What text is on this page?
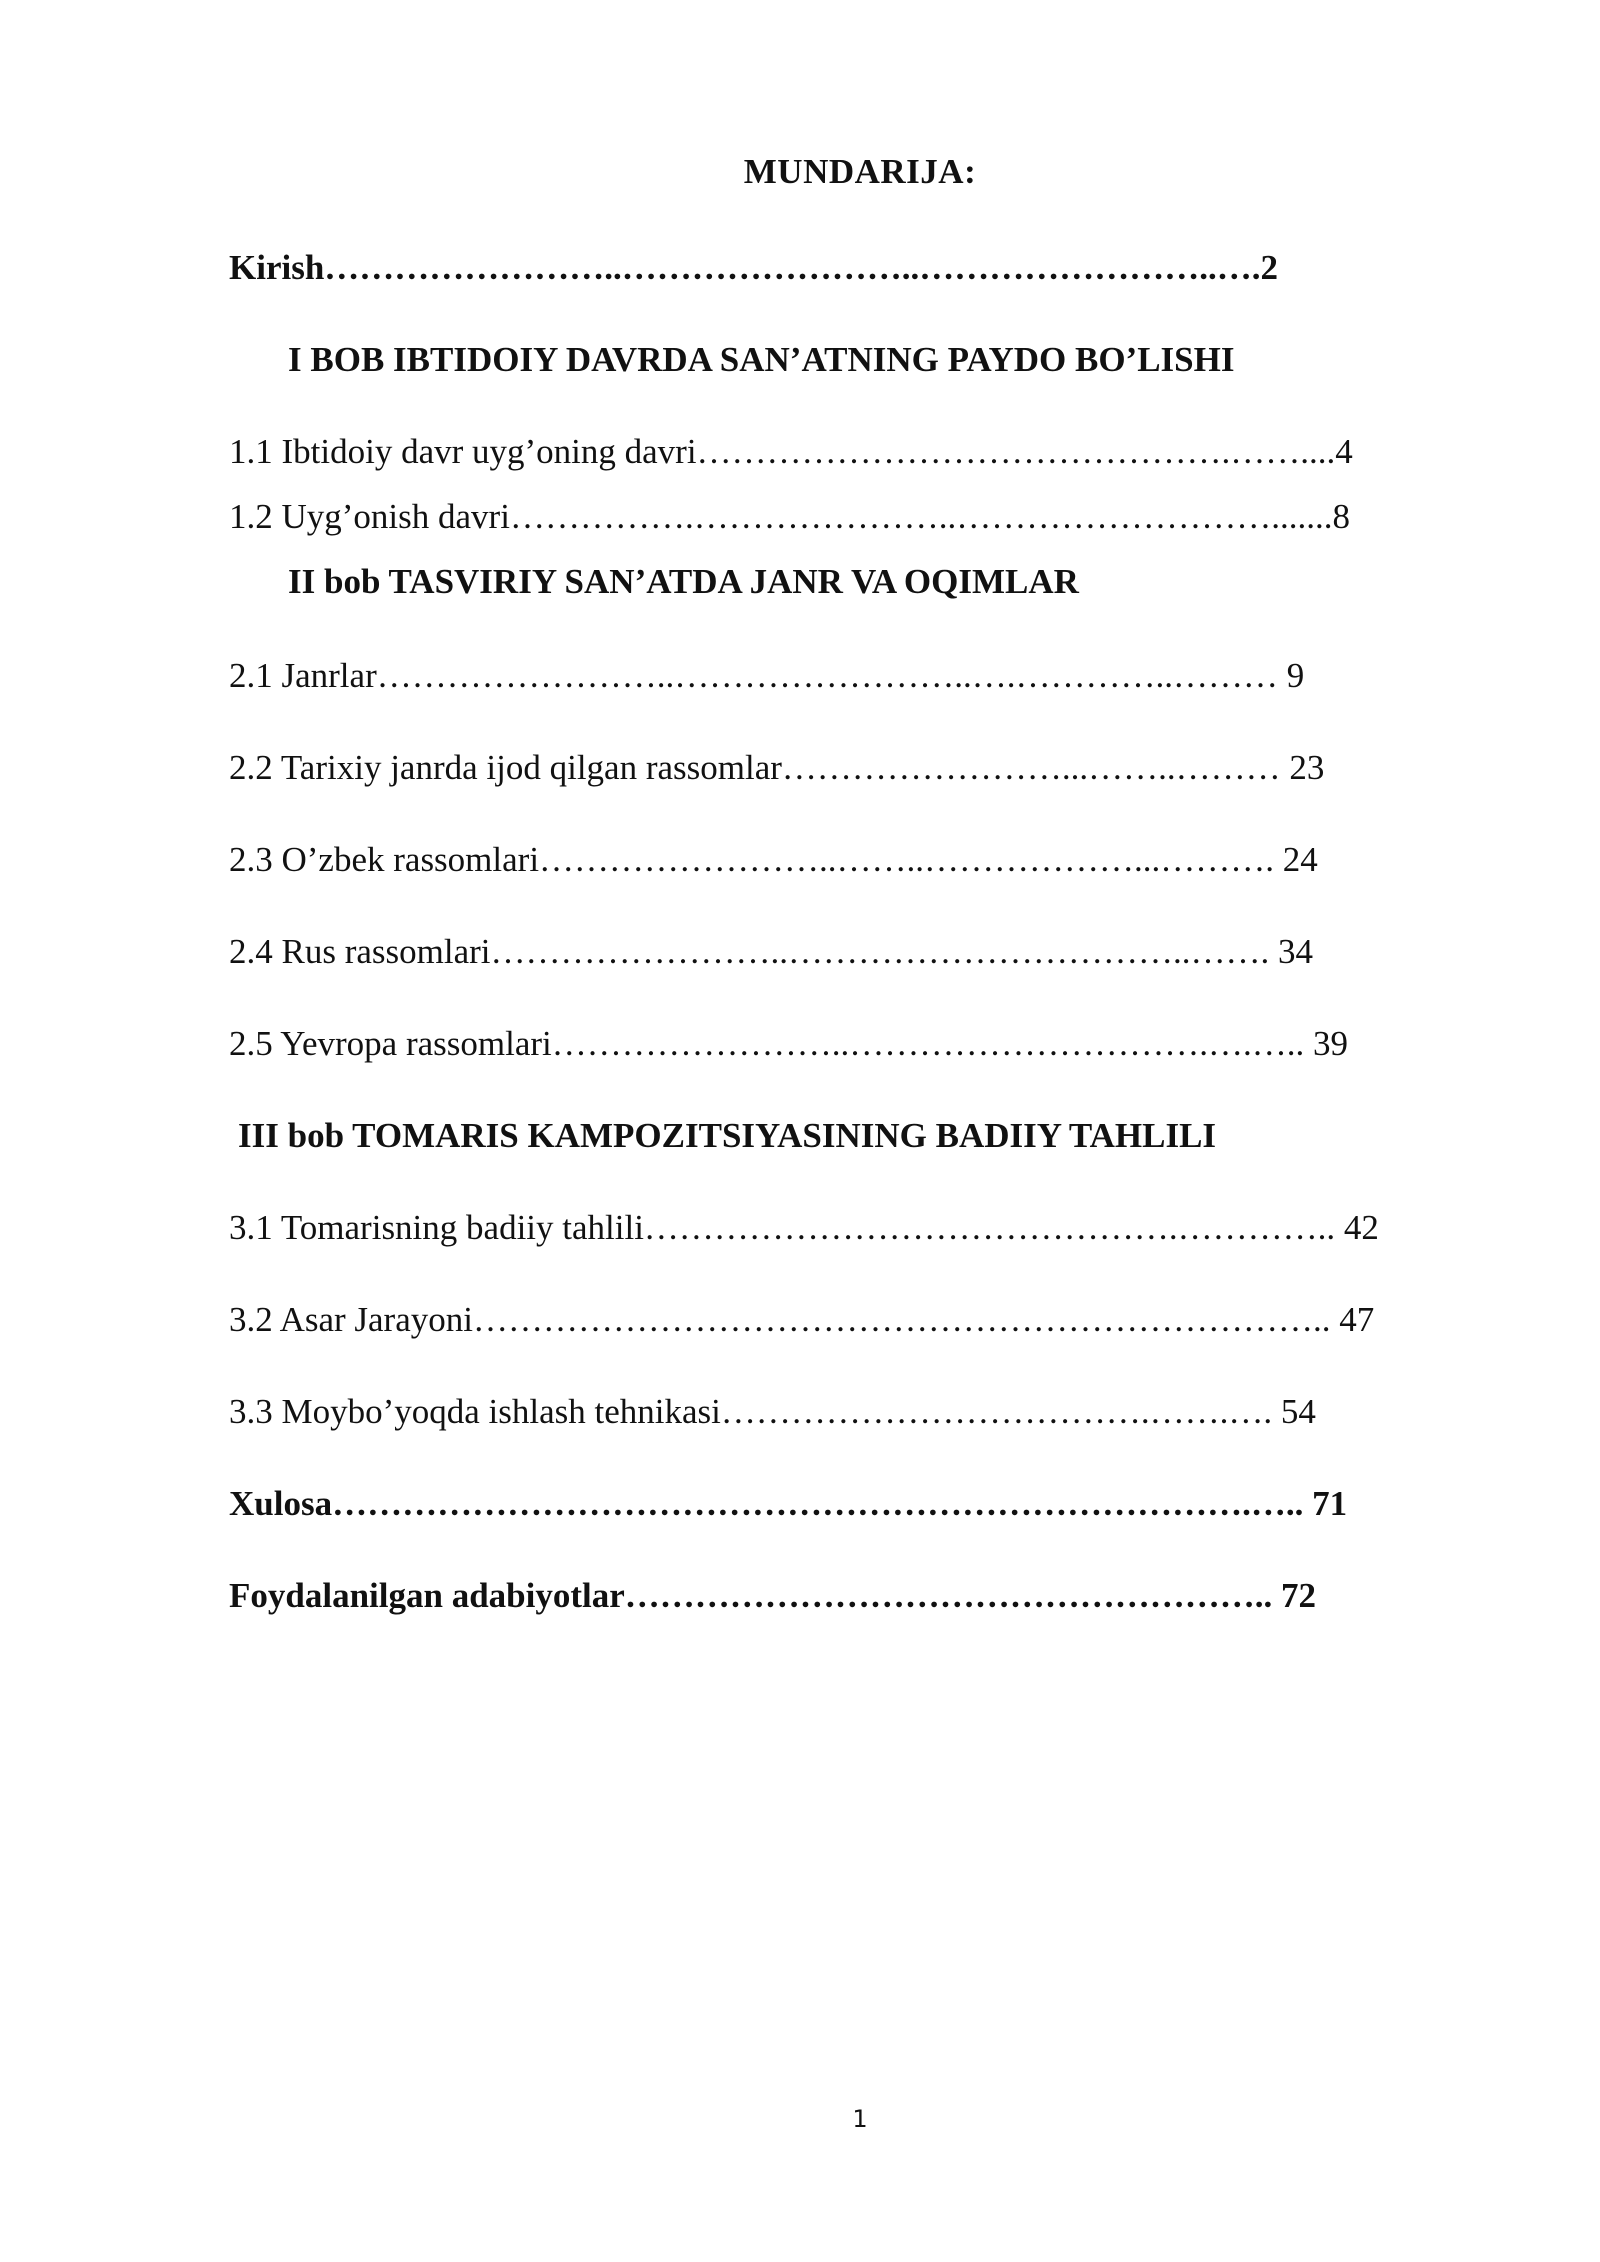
MUNDARIJA:
Kirish……………………..……………………..……………………..….2
I BOB IBTIDOIY DAVRDA SAN’ATNING PAYDO BO’LISHI
1.1 Ibtidoiy davr uyg’oning davri……………………………………….……....4
1.2 Uyg’onish davri…………….…………………..……………………….......8
II bob TASVIRIY SAN’ATDA JANR VA OQIMLAR
2.1 Janrlar……………………..……………………..….…………..……… 9
2.2 Tarixiy janrda ijod qilgan rassomlar……………………...……..……… 23
2.3 O’zbek rassomlari……………………..……..………………...………. 24
2.4 Rus rassomlari……………………..……………………………..……. 34
2.5 Yevropa rassomlari……………………..………………………….….….. 39
III bob TOMARIS KAMPOZITSIYASINING BADIIY TAHLILI
3.1 Tomarisning badiiy tahlili……………………………………….………….. 42
3.2 Asar Jarayoni……………………………………………………………….. 47
3.3 Moybo’yoqda ishlash tehnikasi……………………………….…….…. 54
Xulosa…………………………………………………………………….….. 71
Foydalanilgan adabiyotlar……………………………………………….. 72
1
